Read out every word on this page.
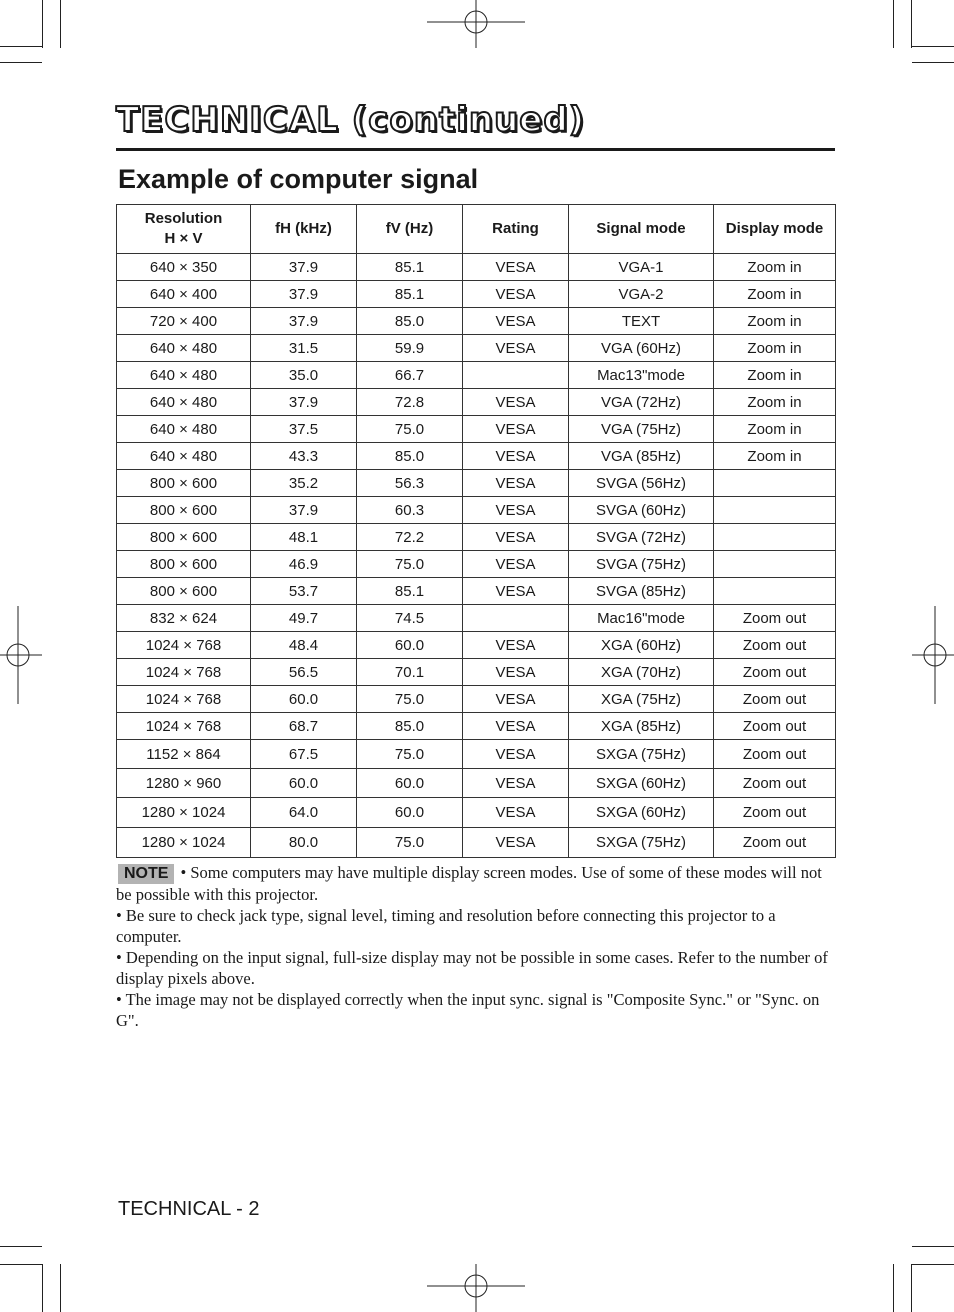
TECHNICAL (continued)
Example of computer signal
Resolution
H × V	fH (kHz)	fV (Hz)	Rating	Signal mode	Display mode
640 × 350	37.9	85.1	VESA	VGA-1	Zoom in
640 × 400	37.9	85.1	VESA	VGA-2	Zoom in
720 × 400	37.9	85.0	VESA	TEXT	Zoom in
640 × 480	31.5	59.9	VESA	VGA (60Hz)	Zoom in
640 × 480	35.0	66.7		Mac13"mode	Zoom in
640 × 480	37.9	72.8	VESA	VGA (72Hz)	Zoom in
640 × 480	37.5	75.0	VESA	VGA (75Hz)	Zoom in
640 × 480	43.3	85.0	VESA	VGA (85Hz)	Zoom in
800 × 600	35.2	56.3	VESA	SVGA (56Hz)	
800 × 600	37.9	60.3	VESA	SVGA (60Hz)	
800 × 600	48.1	72.2	VESA	SVGA (72Hz)	
800 × 600	46.9	75.0	VESA	SVGA (75Hz)	
800 × 600	53.7	85.1	VESA	SVGA (85Hz)	
832 × 624	49.7	74.5		Mac16"mode	Zoom out
1024 × 768	48.4	60.0	VESA	XGA (60Hz)	Zoom out
1024 × 768	56.5	70.1	VESA	XGA (70Hz)	Zoom out
1024 × 768	60.0	75.0	VESA	XGA (75Hz)	Zoom out
1024 × 768	68.7	85.0	VESA	XGA (85Hz)	Zoom out
1152 × 864	67.5	75.0	VESA	SXGA (75Hz)	Zoom out
1280 × 960	60.0	60.0	VESA	SXGA (60Hz)	Zoom out
1280 × 1024	64.0	60.0	VESA	SXGA (60Hz)	Zoom out
1280 × 1024	80.0	75.0	VESA	SXGA (75Hz)	Zoom out

NOTE • Some computers may have multiple display screen modes. Use of some of these modes will not be possible with this projector.

• Be sure to check jack type, signal level, timing and resolution before connecting this projector to a computer.

• Depending on the input signal, full-size display may not be possible in some cases. Refer to the number of display pixels above.

• The image may not be displayed correctly when the input sync. signal is "Composite Sync." or "Sync. on G".

TECHNICAL - 2
